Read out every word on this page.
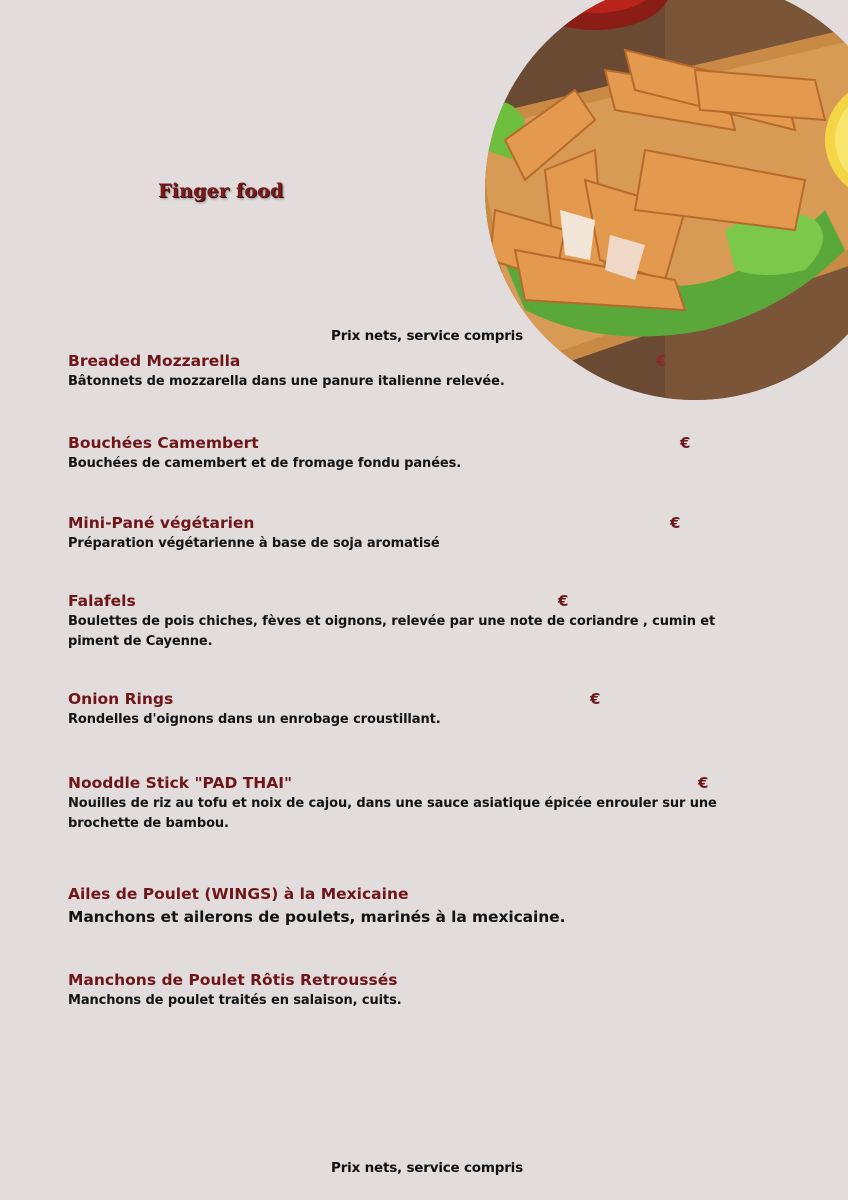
Finger food
Prix nets, service compris
Breaded Mozzarella
Bâtonnets de mozzarella dans une panure italienne relevée.
€
Bouchées Camembert
Bouchées de camembert et de fromage fondu panées.
€
Mini-Pané végétarien
Préparation végétarienne à base de soja aromatisé
€
Falafels
Boulettes de pois chiches, fèves et oignons, relevée par une note de coriandre , cumin et piment de Cayenne.
€
Onion Rings
Rondelles d'oignons dans un enrobage croustillant.
€
Nooddle Stick "PAD THAI"
Nouilles de riz au tofu et noix de cajou, dans une sauce asiatique épicée enrouler sur une brochette de bambou.
€
Ailes de Poulet (WINGS) à la Mexicaine
Manchons et ailerons de poulets, marinés à la mexicaine.
Manchons de Poulet Rôtis Retroussés
Manchons de poulet traités en salaison, cuits.
Prix nets, service compris
